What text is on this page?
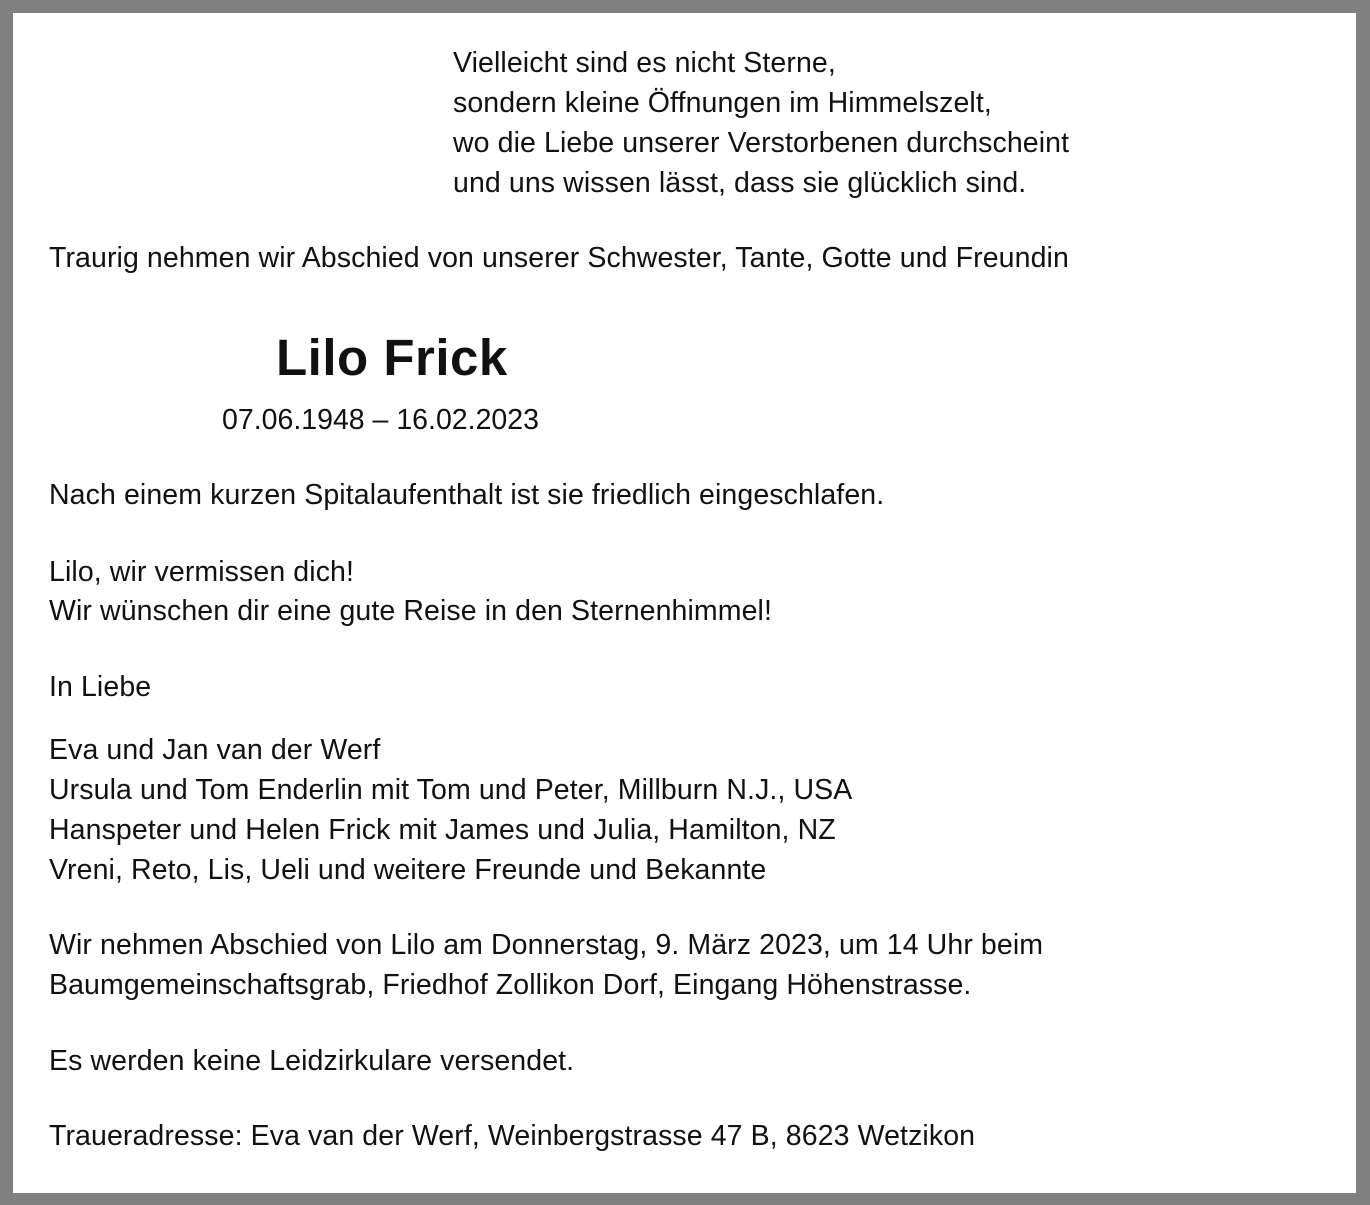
Vielleicht sind es nicht Sterne,
sondern kleine Öffnungen im Himmelszelt,
wo die Liebe unserer Verstorbenen durchscheint
und uns wissen lässt, dass sie glücklich sind.
Traurig nehmen wir Abschied von unserer Schwester, Tante, Gotte und Freundin
Lilo Frick
07.06.1948 – 16.02.2023
Nach einem kurzen Spitalaufenthalt ist sie friedlich eingeschlafen.
Lilo, wir vermissen dich!
Wir wünschen dir eine gute Reise in den Sternenhimmel!
In Liebe
Eva und Jan van der Werf
Ursula und Tom Enderlin mit Tom und Peter, Millburn N.J., USA
Hanspeter und Helen Frick mit James und Julia, Hamilton, NZ
Vreni, Reto, Lis, Ueli und weitere Freunde und Bekannte
Wir nehmen Abschied von Lilo am Donnerstag, 9. März 2023, um 14 Uhr beim
Baumgemeinschaftsgrab, Friedhof Zollikon Dorf, Eingang Höhenstrasse.
Es werden keine Leidzirkulare versendet.
Traueradresse: Eva van der Werf, Weinbergstrasse 47 B, 8623 Wetzikon
